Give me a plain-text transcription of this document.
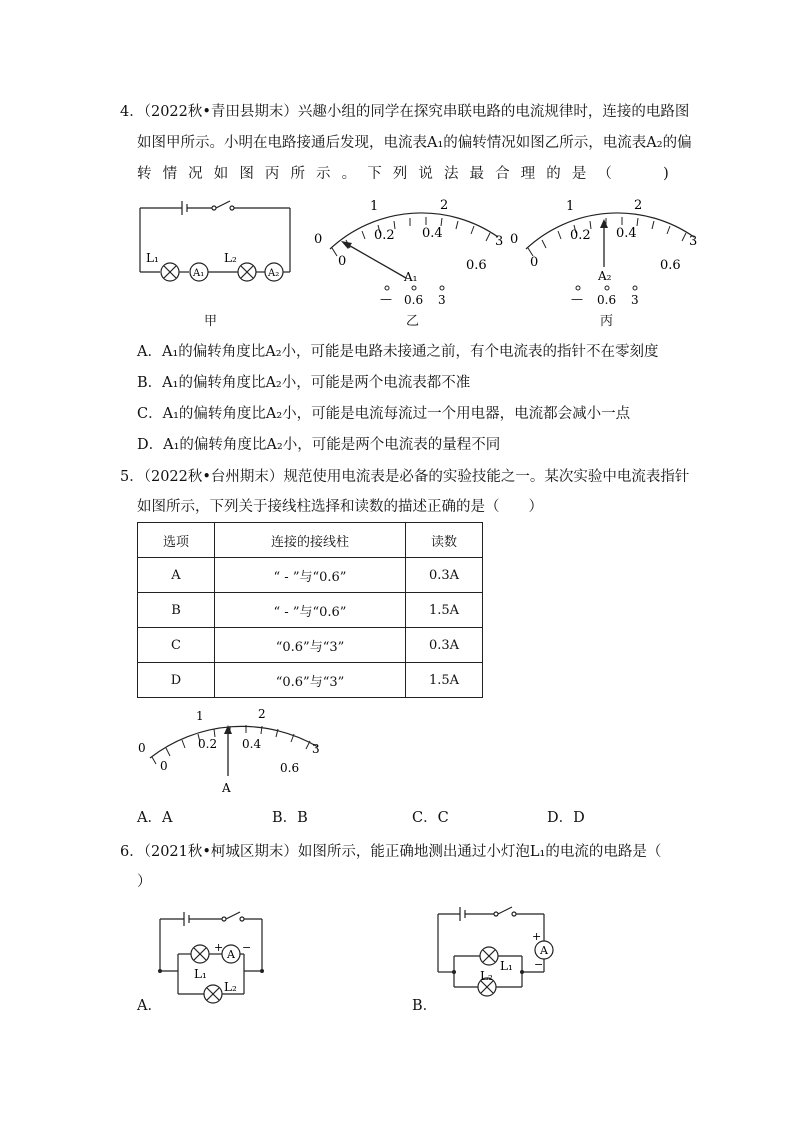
4．（2022秋•青田县期末）兴趣小组的同学在探究串联电路的电流规律时，连接的电路图
如图甲所示。小明在电路接通后发现，电流表A₁的偏转情况如图乙所示，电流表A₂的偏
转 情 况 如 图 丙 所 示 。 下 列 说 法 最 合 理 的 是 （
　　	)
L₁
A₁
L₂
A₂
甲
0
1	2
3
0
0.2 0.4
0.6
A₁
— 0.6 3
乙
0
1	2
3
0
0.2 0.4
0.6
A₂
— 0.6 3
丙
A．A₁的偏转角度比A₂小，可能是电路未接通之前，有个电流表的指针不在零刻度
B．A₁的偏转角度比A₂小，可能是两个电流表都不准
C．A₁的偏转角度比A₂小，可能是电流每流过一个用电器，电流都会减小一点
D．A₁的偏转角度比A₂小，可能是两个电流表的量程不同
5．（2022秋•台州期末）规范使用电流表是必备的实验技能之一。某次实验中电流表指针
如图所示，下列关于接线柱选择和读数的描述正确的是（　　）
选项	连接的接线柱	读数
A	“ - ”与“0.6”	0.3A
B	“ - ”与“0.6”	1.5A
C	“0.6”与“3”	0.3A
D	“0.6”与“3”	1.5A
0
1	2
3
0
0.2 0.4
0.6
A
A．A	B．B	C．C	D．D
6．（2021秋•柯城区期末）如图所示，能正确地测出通过小灯泡L₁的电流的电路是（
）
A
+ −
L₁
L₂
A．
A
+
−
L₁
L₂
B．
